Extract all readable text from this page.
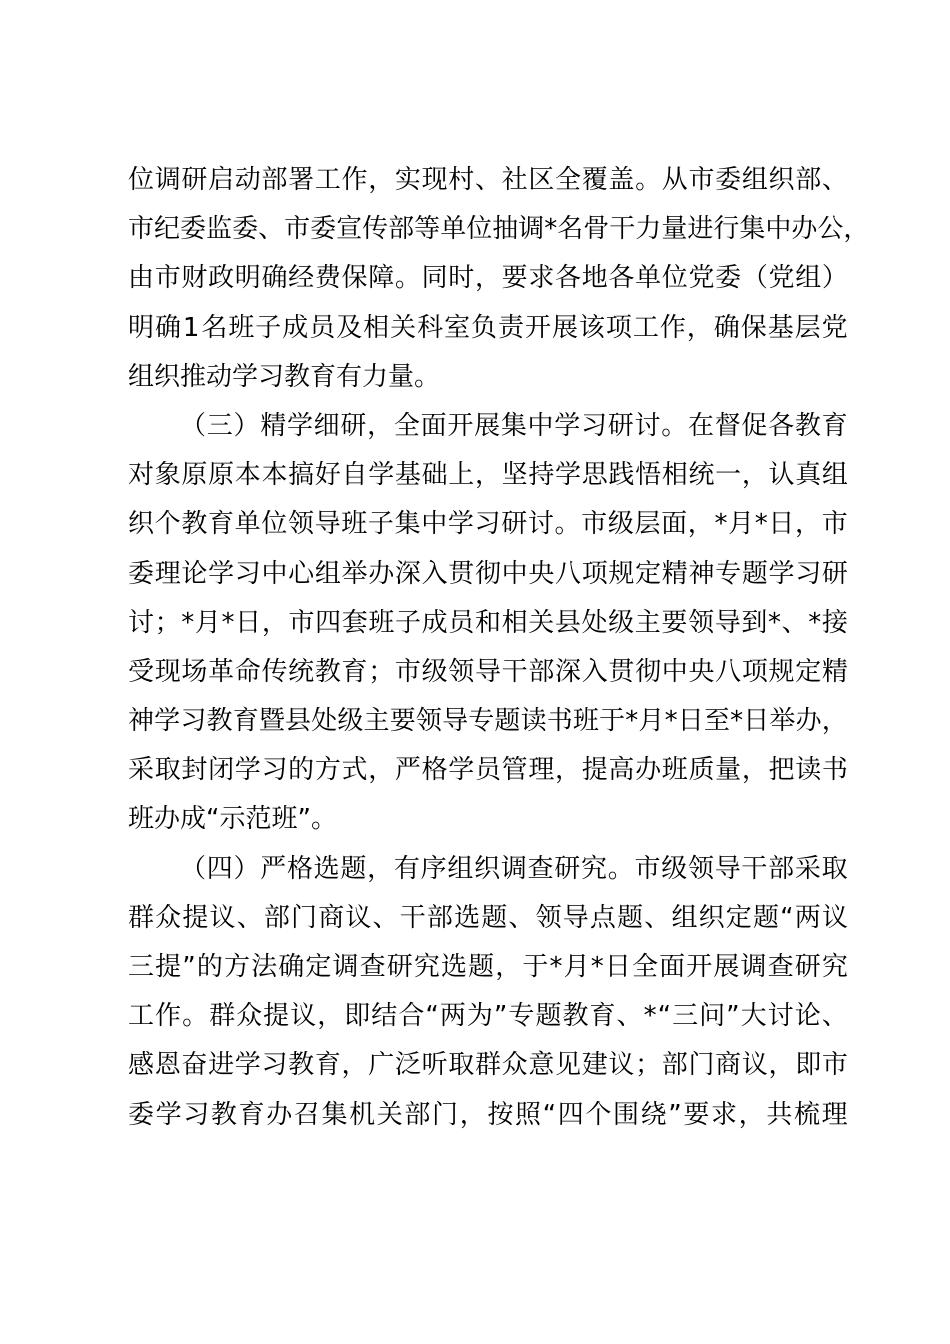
位 调 研 启 动 部 署 工 作 ， 实 现 村 、 社 区 全 覆 盖 。 从 市 委 组 织 部 、
市 纪 委 监 委 、 市 委 宣 传 部 等 单 位 抽 调 * 名 骨 干 力 量 进 行 集 中 办 公 ，
由 市 财 政 明 确 经 费 保 障 。 同 时 ， 要 求 各 地 各 单 位 党 委 （ 党 组 ）
明 确 1 名 班 子 成 员 及 相 关 科 室 负 责 开 展 该 项 工 作 ， 确 保 基 层 党
组织推动学习教育有力量。
（ 三 ） 精 学 细 研 ， 全 面 开 展 集 中 学 习 研 讨 。 在 督 促 各 教 育
对 象 原 原 本 本 搞 好 自 学 基 础 上 ， 坚 持 学 思 践 悟 相 统 一 ， 认 真 组
织 个 教 育 单 位 领 导 班 子 集 中 学 习 研 讨 。 市 级 层 面 ， * 月 * 日 ， 市
委 理 论 学 习 中 心 组 举 办 深 入 贯 彻 中 央 八 项 规 定 精 神 专 题 学 习 研
讨 ； * 月 * 日 ， 市 四 套 班 子 成 员 和 相 关 县 处 级 主 要 领 导 到 * 、 * 接
受 现 场 革 命 传 统 教 育 ； 市 级 领 导 干 部 深 入 贯 彻 中 央 八 项 规 定 精
神 学 习 教 育 暨 县 处 级 主 要 领 导 专 题 读 书 班 于 * 月 * 日 至 * 日 举 办 ，
采 取 封 闭 学 习 的 方 式 ， 严 格 学 员 管 理 ， 提 高 办 班 质 量 ， 把 读 书
班办成“示范班”。
（ 四 ） 严 格 选 题 ， 有 序 组 织 调 查 研 究 。 市 级 领 导 干 部 采 取
群 众 提 议 、 部 门 商 议 、 干 部 选 题 、 领 导 点 题 、 组 织 定 题 “ 两 议
三 提 ” 的 方 法 确 定 调 查 研 究 选 题 ， 于 * 月 * 日 全 面 开 展 调 查 研 究
工 作 。 群 众 提 议 ， 即 结 合 “ 两 为 ” 专 题 教 育 、 * “ 三 问 ” 大 讨 论 、
感 恩 奋 进 学 习 教 育 ， 广 泛 听 取 群 众 意 见 建 议 ； 部 门 商 议 ， 即 市
委 学 习 教 育 办 召 集 机 关 部 门 ， 按 照 “ 四 个 围 绕 ” 要 求 ， 共 梳 理
